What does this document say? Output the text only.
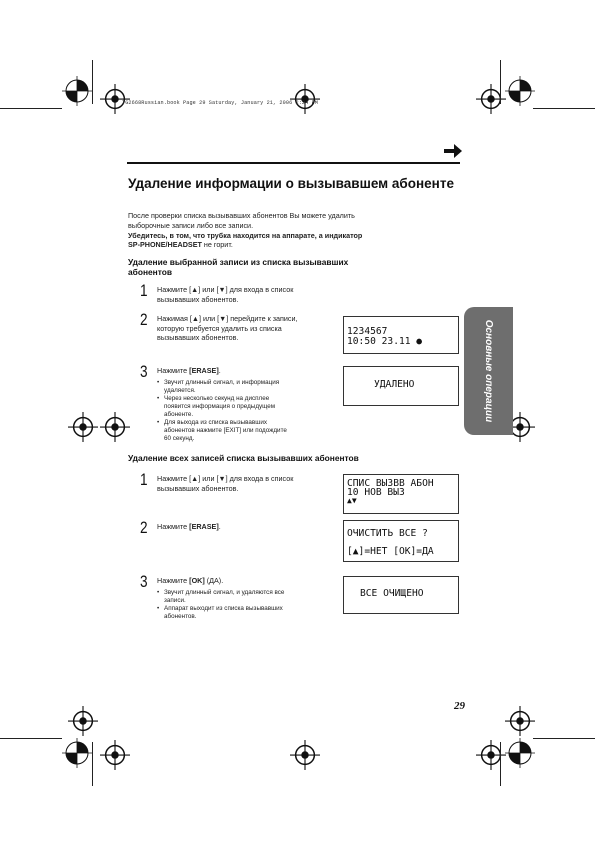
TG2668Russian.book Page 29 Saturday, January 21, 2006 2:24 PM
Удаление информации о вызывавшем абоненте
После проверки списка вызывавших абонентов Вы можете удалить
выборочные записи либо все записи.
Убедитесь, в том, что трубка находится на аппарате, а индикатор
SP-PHONE/HEADSET не горит.
Удаление выбранной записи из списка вызывавших
абонентов
1 Нажмите [▲] или [▼] для входа в список
вызывавших абонентов.
2 Нажимая [▲] или [▼] перейдите к записи,
которую требуется удалить из списка
вызывавших абонентов.
1234567
10:50 23.11 ●
3 Нажмите [ERASE].
• Звучит длинный сигнал, и информация
удаляется.
• Через несколько секунд на дисплее
появится информация о предыдущем
абоненте.
• Для выхода из списка вызывавших
абонентов нажмите [EXIT] или подождите
60 секунд.
УДАЛЕНО	Основные операции
Удаление всех записей списка вызывавших абонентов
1 Нажмите [▲] или [▼] для входа в список
вызывавших абонентов.	СПИС ВЫЗВВ АБОН
10 НОВ ВЫЗ
▲▼
2 Нажмите [ERASE].
ОЧИСТИТЬ ВСЕ ?
[▲]=НЕТ [OK]=ДА
3 Нажмите [OK] (ДА).
• Звучит длинный сигнал, и удаляются все
записи.
• Аппарат выходит из списка вызывавших
абонентов.
ВСЕ ОЧИЩЕНО
29
